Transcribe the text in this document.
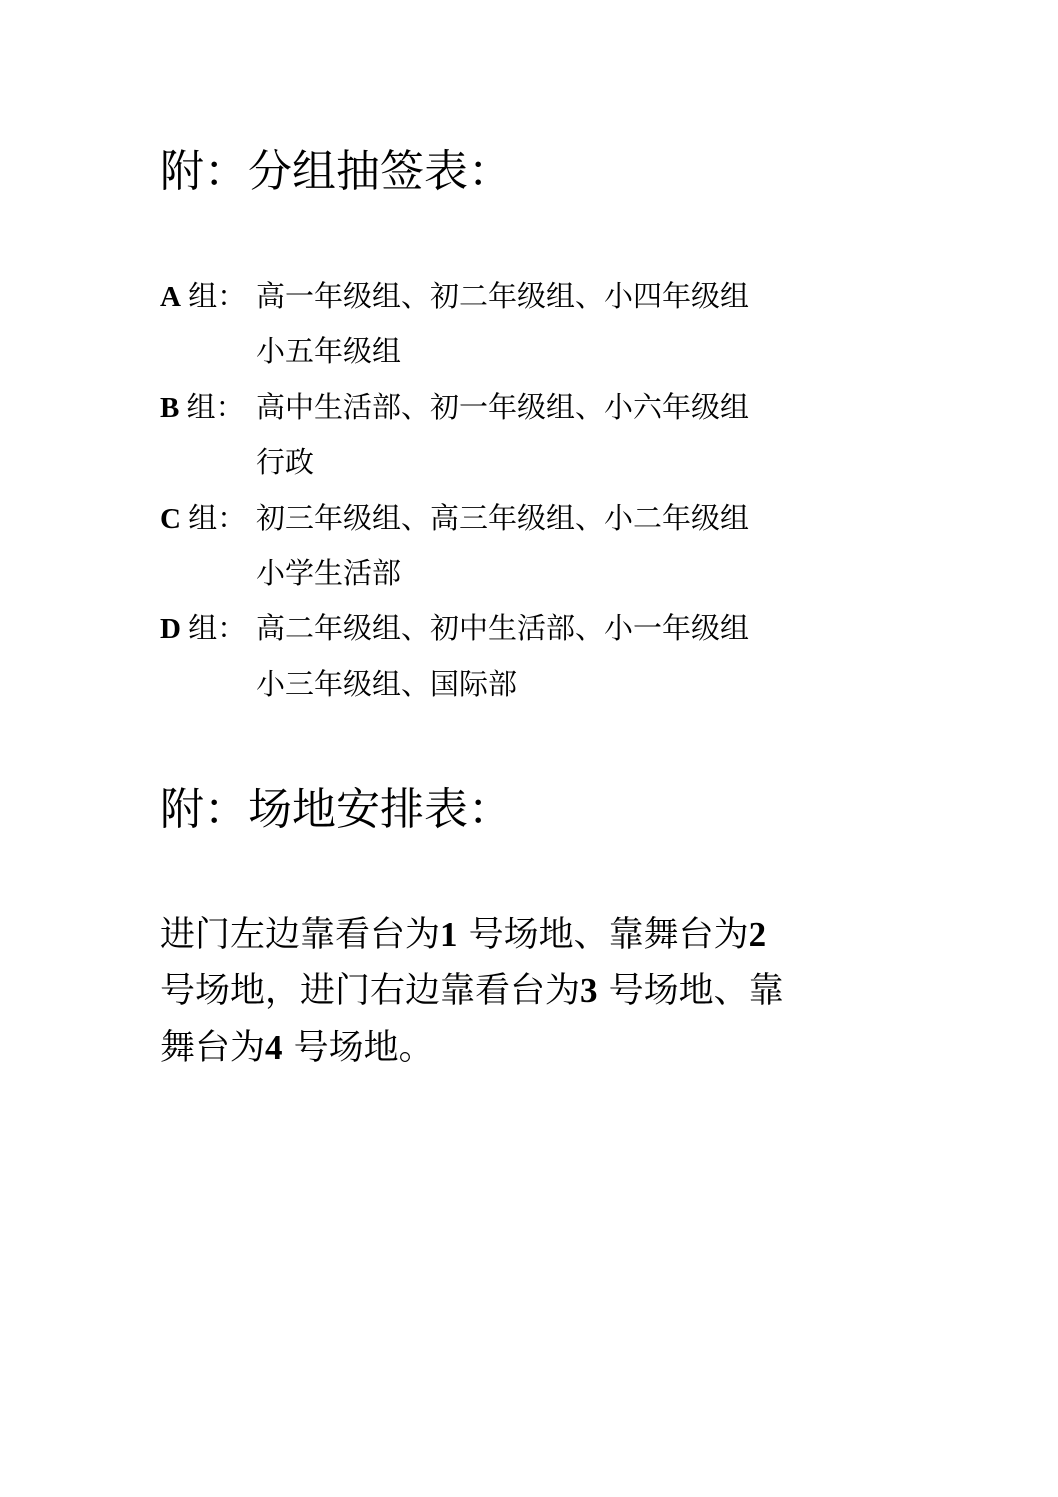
附：分组抽签表：
A 组： 高一年级组、初二年级组、小四年级组
小五年级组
B 组： 高中生活部、初一年级组、小六年级组
行政
C 组： 初三年级组、高三年级组、小二年级组
小学生活部
D 组： 高二年级组、初中生活部、小一年级组
小三年级组、国际部
附：场地安排表：
进门左边靠看台为1 号场地、靠舞台为2
号场地，进门右边靠看台为3 号场地、靠
舞台为4 号场地。
